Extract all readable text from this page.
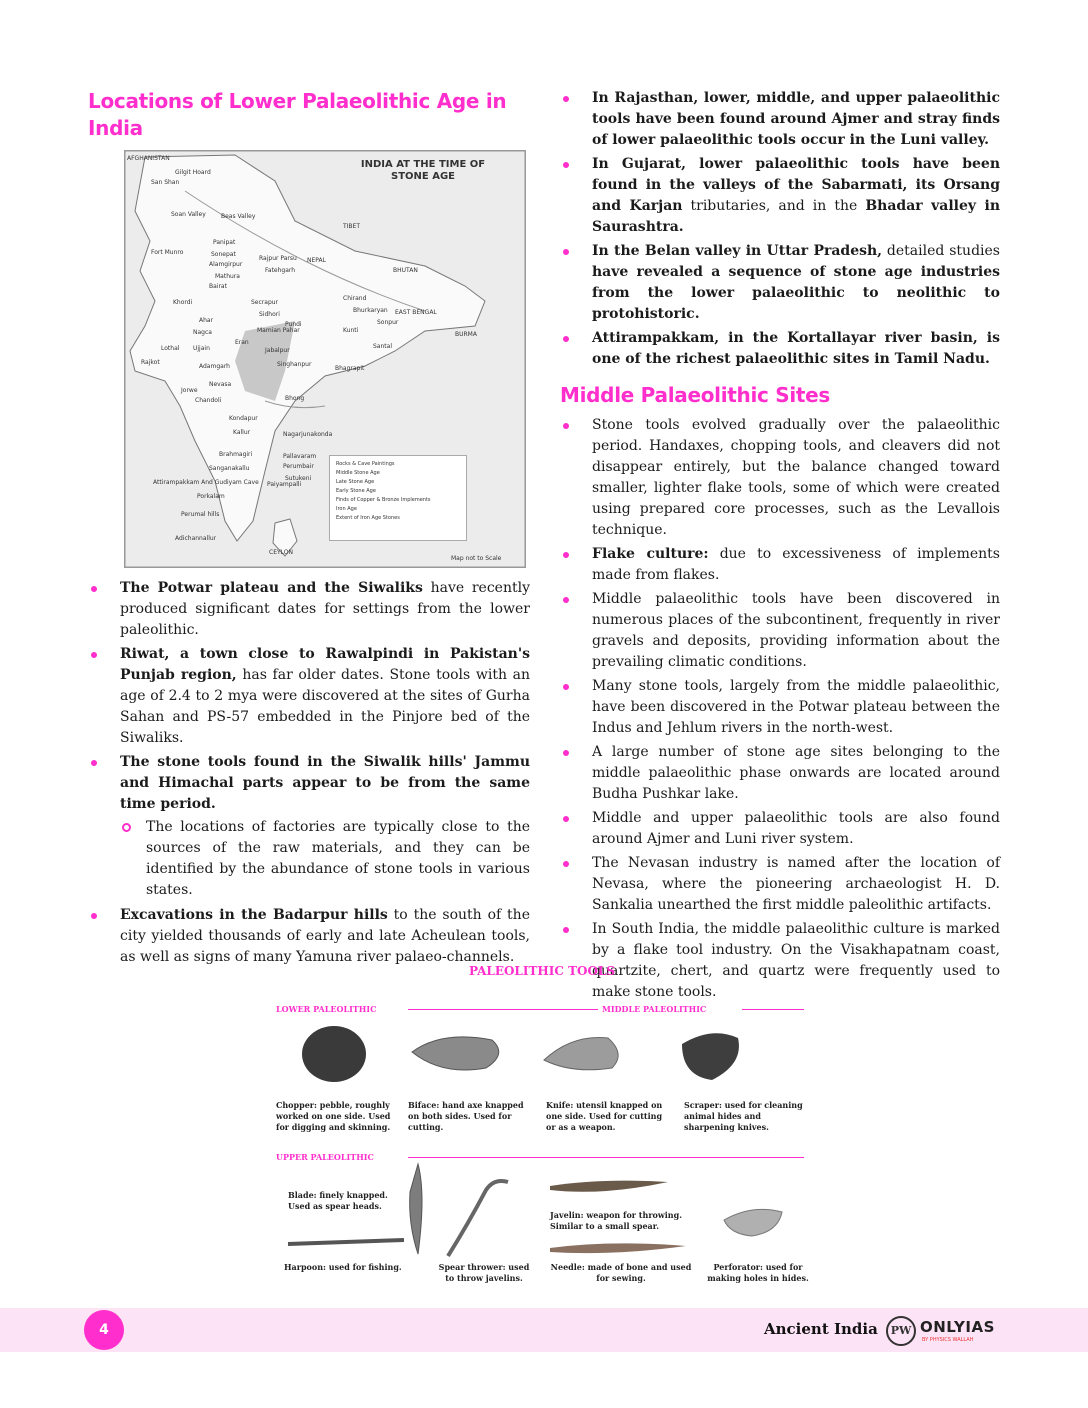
Locations of Lower Palaeolithic Age in India
INDIA AT THE TIME OF
STONE AGE
AFGHANISTAN
Gilgit Hoard
San Shan
Soan Valley	Beas Valley
TIBET
Fort Munro
Panipat
Sonepat
Alamgirpur
Mathura
Bairat
Rajpur Parsu
Fatehgarh
NEPAL
BHUTAN
Khordi	Secrapur
Chirand
EAST BENGAL
Sidhori
Pundi
Bhurkaryan
Ahar
Nagca	Mamian Pahar	Kunti
Sonpur
Lothal Ujjain
Eran
Jabalpur
Santal
BURMA
Rajkot
Adamgarh	Singhanpur
Bhagrapit
Nevasa
Jorwe
Chandoli	Bhong
Kondapur
Nagarjunakonda
Kallur
Brahmagiri	Pallavaram
Sanganakallu	Perumbair
Attirampakkam And Gudiyam Cave Paiyampalli
Sutukeni
Porkalam
Adichannallur
Perumal hills
CEYLON
Map not to Scale
Rocks & Cave Paintings
Middle Stone Age
Late Stone Age
Early Stone Age
Finds of Copper & Bronze Implements
Iron Age
Extent of Iron Age Stones
The Potwar plateau and the Siwaliks have recently produced significant dates for settings from the lower paleolithic.
Riwat, a town close to Rawalpindi in Pakistan's Punjab region, has far older dates. Stone tools with an age of 2.4 to 2 mya were discovered at the sites of Gurha Sahan and PS-57 embedded in the Pinjore bed of the Siwaliks.
The stone tools found in the Siwalik hills' Jammu and Himachal parts appear to be from the same time period.
The locations of factories are typically close to the sources of the raw materials, and they can be identified by the abundance of stone tools in various states.
Excavations in the Badarpur hills to the south of the city yielded thousands of early and late Acheulean tools, as well as signs of many Yamuna river palaeo-channels.
In Rajasthan, lower, middle, and upper palaeolithic tools have been found around Ajmer and stray finds of lower palaeolithic tools occur in the Luni valley.
In Gujarat, lower palaeolithic tools have been found in the valleys of the Sabarmati, its Orsang and Karjan tributaries, and in the Bhadar valley in Saurashtra.
In the Belan valley in Uttar Pradesh, detailed studies have revealed a sequence of stone age industries from the lower palaeolithic to neolithic to protohistoric.
Attirampakkam, in the Kortallayar river basin, is one of the richest palaeolithic sites in Tamil Nadu.
Middle Palaeolithic Sites
Stone tools evolved gradually over the palaeolithic period. Handaxes, chopping tools, and cleavers did not disappear entirely, but the balance changed toward smaller, lighter flake tools, some of which were created using prepared core processes, such as the Levallois technique.
Flake culture: due to excessiveness of implements made from flakes.
Middle palaeolithic tools have been discovered in numerous places of the subcontinent, frequently in river gravels and deposits, providing information about the prevailing climatic conditions.
Many stone tools, largely from the middle palaeolithic, have been discovered in the Potwar plateau between the Indus and Jehlum rivers in the north-west.
A large number of stone age sites belonging to the middle palaeolithic phase onwards are located around Budha Pushkar lake.
Middle and upper palaeolithic tools are also found around Ajmer and Luni river system.
The Nevasan industry is named after the location of Nevasa, where the pioneering archaeologist H. D. Sankalia unearthed the first middle paleolithic artifacts.
In South India, the middle palaeolithic culture is marked by a flake tool industry. On the Visakhapatnam coast, quartzite, chert, and quartz were frequently used to make stone tools.
PALEOLITHIC TOOLS
LOWER PALEOLITHIC	MIDDLE PALEOLITHIC
Chopper: pebble, roughly worked on one side. Used for digging and skinning.
Biface: hand axe knapped on both sides. Used for cutting.
Knife: utensil knapped on one side. Used for cutting or as a weapon.
Scraper: used for cleaning animal hides and sharpening knives.
UPPER PALEOLITHIC
Blade: finely knapped. Used as spear heads.
Javelin: weapon for throwing. Similar to a small spear.
Harpoon: used for fishing.	Spear thrower: used to throw javelins.
Needle: made of bone and used for sewing.
Perforator: used for making holes in hides.
4	Ancient India	PW ONLYIAS
BY PHYSICS WALLAH
